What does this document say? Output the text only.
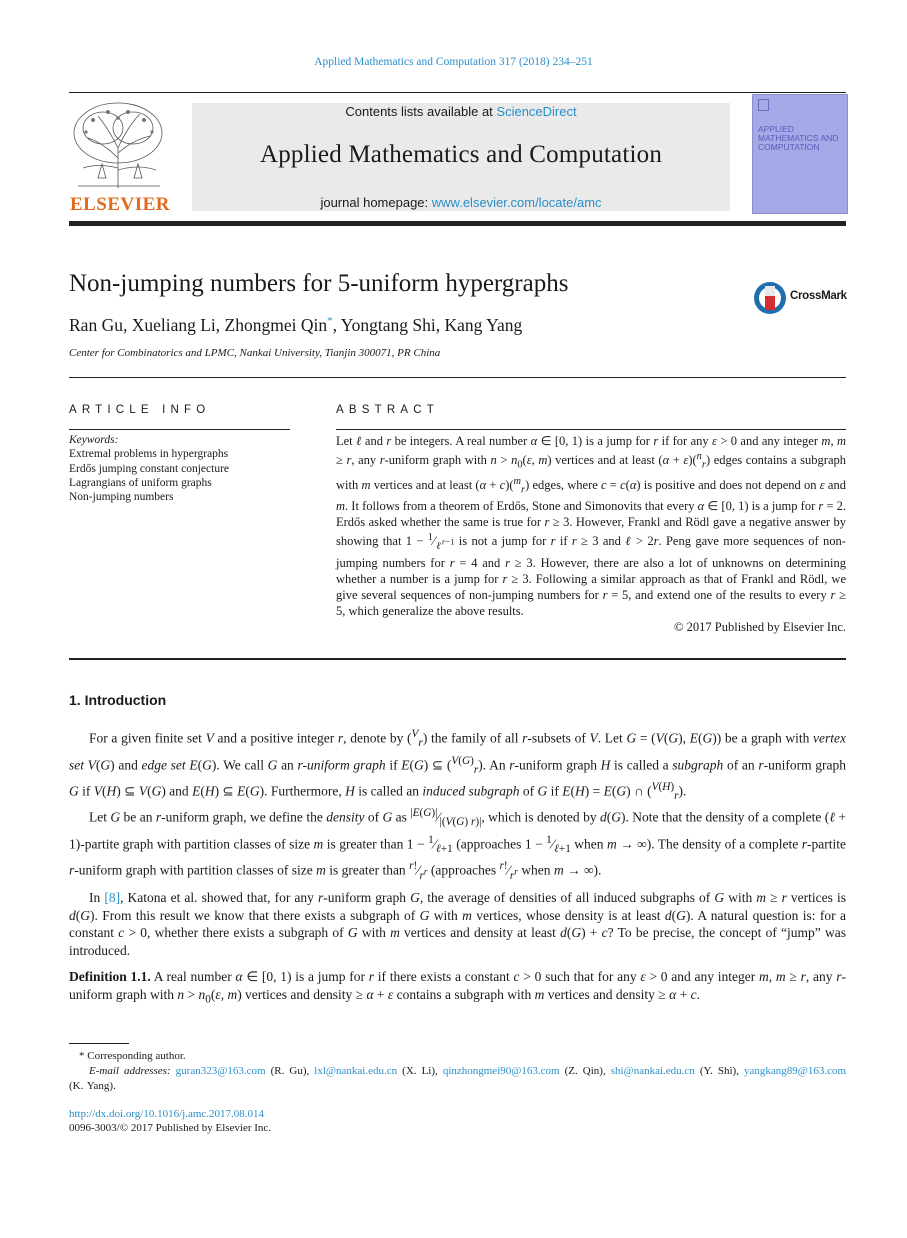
Applied Mathematics and Computation 317 (2018) 234–251
ELSEVIER
Contents lists available at ScienceDirect
Applied Mathematics and Computation
journal homepage: www.elsevier.com/locate/amc
APPLIED MATHEMATICS AND COMPUTATION
Non-jumping numbers for 5-uniform hypergraphs	CrossMark
Ran Gu, Xueliang Li, Zhongmei Qin*, Yongtang Shi, Kang Yang
Center for Combinatorics and LPMC, Nankai University, Tianjin 300071, PR China
ARTICLE INFO
Keywords:
Extremal problems in hypergraphs
Erdős jumping constant conjecture
Lagrangians of uniform graphs
Non-jumping numbers
ABSTRACT
Let ℓ and r be integers. A real number α ∈ [0, 1) is a jump for r if for any ε > 0 and any integer m, m ≥ r, any r-uniform graph with $n > n_0(\varepsilon$, m) vertices and at least (α + ε)($^n_r$) edges contains a subgraph with m vertices and at least (α + c)($^m_r$) edges, where c = c(α) is positive and does not depend on ε and m. It follows from a theorem of Erdős, Stone and Simonovits that every α ∈ [0, 1) is a jump for r = 2. Erdős asked whether the same is true for r ≥ 3. However, Frankl and Rödl gave a negative answer by showing that $1 - ^1⁄_{\ell^{r-1}}$ is not a jump for r if r ≥ 3 and ℓ > 2r. Peng gave more sequences of non-jumping numbers for r = 4 and r ≥ 3. However, there are also a lot of unknowns on determining whether a number is a jump for r ≥ 3. Following a similar approach as that of Frankl and Rödl, we give several sequences of non-jumping numbers for r = 5, and extend one of the results to every r ≥ 5, which generalize the above results.
© 2017 Published by Elsevier Inc.
1. Introduction
For a given finite set V and a positive integer r, denote by ($^V_r$) the family of all r-subsets of V. Let G = (V(G), E(G)) be a graph with vertex set V(G) and edge set E(G). We call G an r-uniform graph if E(G) ⊆ ($^{V(G)}_r$). An r-uniform graph H is called a subgraph of an r-uniform graph G if V(H) ⊆ V(G) and E(H) ⊆ E(G). Furthermore, H is called an induced subgraph of G if E(H) = E(G) ∩ ($^{V(H)}_r$).
Let G be an r-uniform graph, we define the density of G as $^{|E(G)|}⁄_{|(V(G) r)|}$, which is denoted by d(G). Note that the density of a complete (ℓ + 1)-partite graph with partition classes of size m is greater than $1 - ^1⁄_{\ell+1}$ (approaches $1 - ^1⁄_{\ell+1}$ when m → ∞). The density of a complete r-partite r-uniform graph with partition classes of size m is greater than $^{r!}⁄_{r^r}$ (approaches $^{r!}⁄_{r^r}$ when m → ∞).
In [8], Katona et al. showed that, for any r-uniform graph G, the average of densities of all induced subgraphs of G with m ≥ r vertices is d(G). From this result we know that there exists a subgraph of G with m vertices, whose density is at least d(G). A natural question is: for a constant c > 0, whether there exists a subgraph of G with m vertices and density at least d(G) + c? To be precise, the concept of “jump” was introduced.
Definition 1.1. A real number α ∈ [0, 1) is a jump for r if there exists a constant c > 0 such that for any ε > 0 and any integer m, m ≥ r, any r-uniform graph with $n > n_0(\varepsilon$, m) vertices and density ≥ α + ε contains a subgraph with m vertices and density ≥ α + c.
* Corresponding author.
E-mail addresses: guran323@163.com (R. Gu), lxl@nankai.edu.cn (X. Li), qinzhongmei90@163.com (Z. Qin), shi@nankai.edu.cn (Y. Shi), yangkang89@163.com (K. Yang).
http://dx.doi.org/10.1016/j.amc.2017.08.014
0096-3003/© 2017 Published by Elsevier Inc.
